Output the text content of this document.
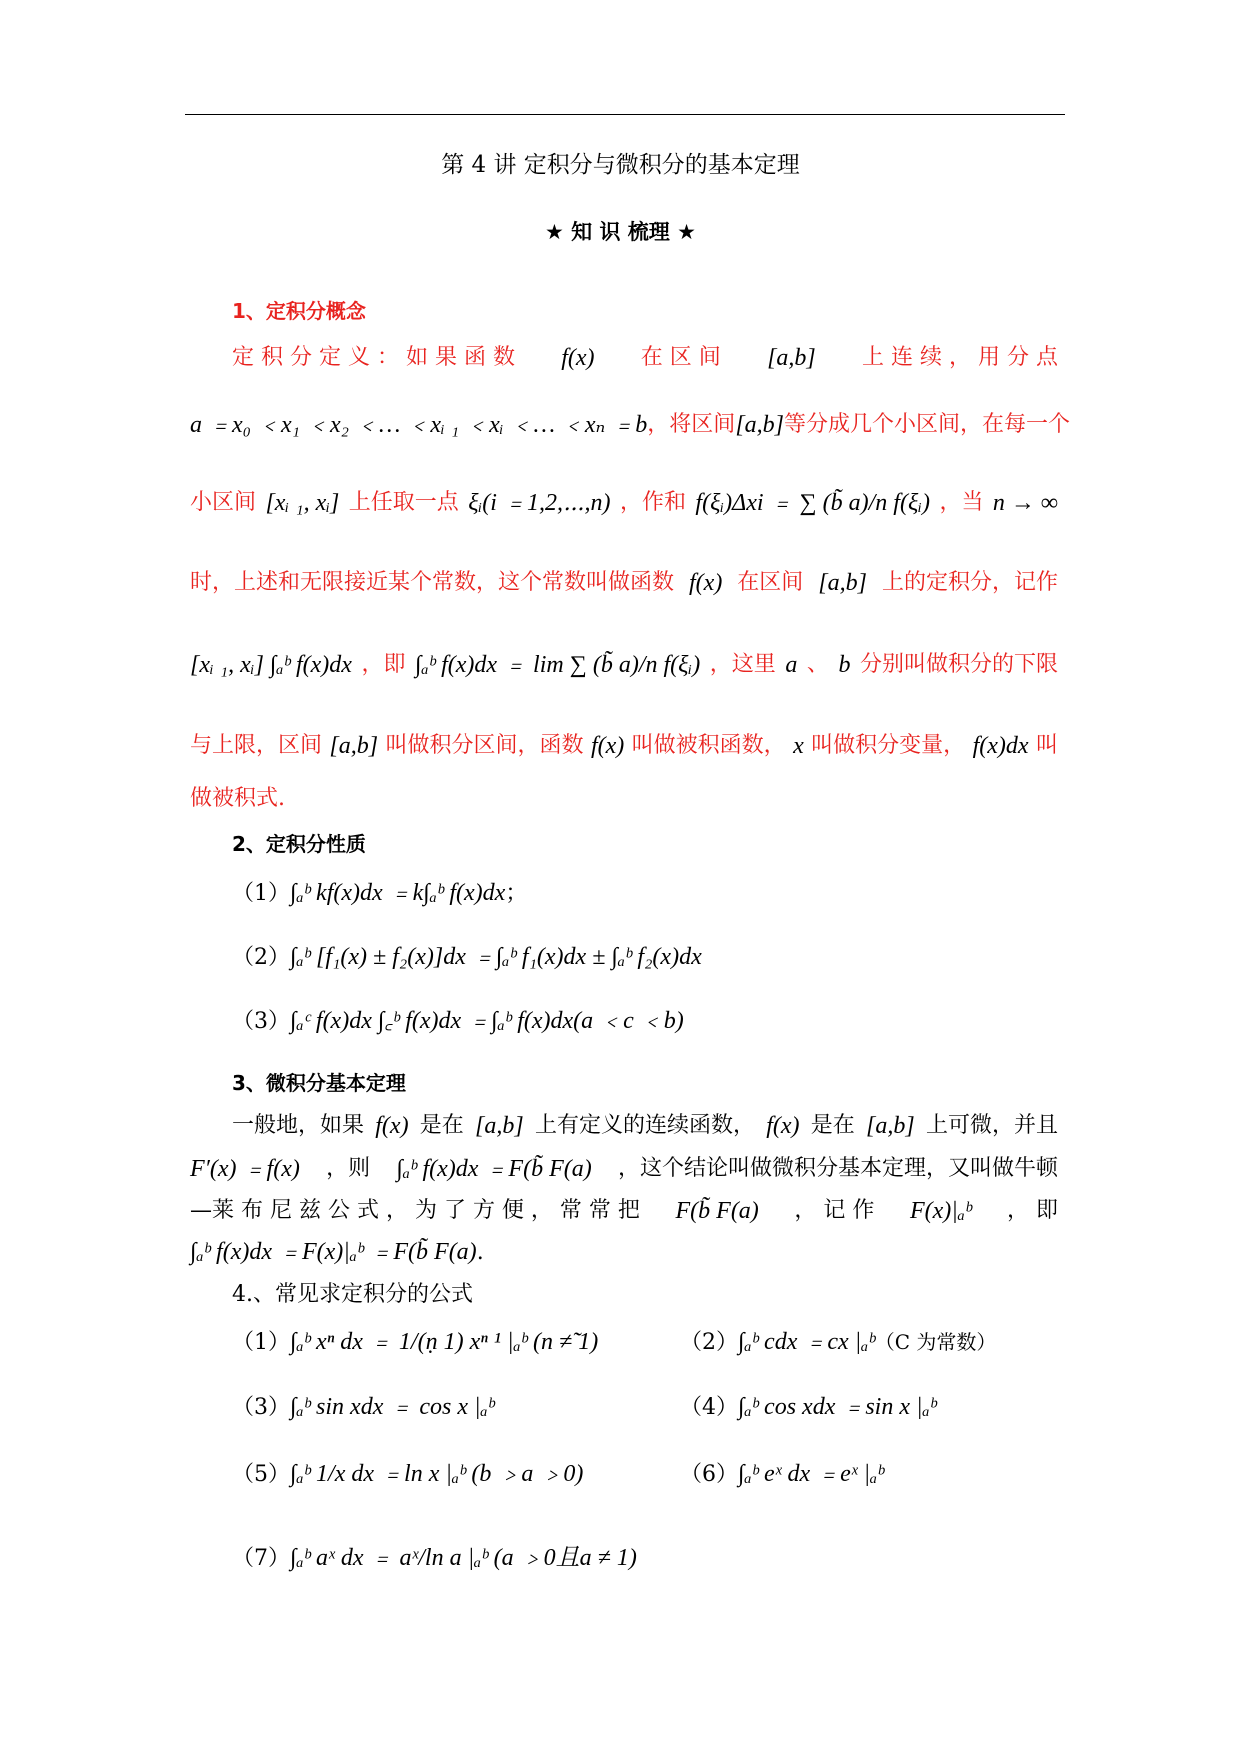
第 4 讲 定积分与微积分的基本定理
★ 知 识 梳理 ★
1、定积分概念
定 积 分 定 义 ： 如 果 函 数 f(x) 在 区 间 [a,b] 上 连 续 ， 用 分 点
a ﹦x₀ ﹤x₁ ﹤x₂ ﹤… ﹤xᵢ ₁ ﹤xᵢ ﹤… ﹤xₙ ﹦b ，将区间 [a,b] 等分成几个小区间，在每一个
小区间 [xᵢ ₁, xᵢ] 上任取一点 ξᵢ(i ﹦1,2,⋯,n) ，作和 f(ξᵢ)Δxi ﹦ ∑ (b̃ a)/n f(ξᵢ) ，当 n → ∞
时，上述和无限接近某个常数，这个常数叫做函数 f(x) 在区间 [a,b] 上的定积分，记作
[xᵢ ₁, xᵢ] ∫ₐᵇ f(x)dx ，即 ∫ₐᵇ f(x)dx ﹦ lim ∑ (b̃ a)/n f(ξᵢ) ，这里 a 、 b 分别叫做积分的下限
与上限，区间 [a,b] 叫做积分区间，函数 f(x) 叫做被积函数， x 叫做积分变量， f(x)dx 叫
做被积式.
2、定积分性质
（1）∫ₐᵇ kf(x)dx ﹦k∫ₐᵇ f(x)dx；
（2）∫ₐᵇ [f₁(x) ± f₂(x)]dx ﹦∫ₐᵇ f₁(x)dx ± ∫ₐᵇ f₂(x)dx
（3）∫ₐᶜ f(x)dx ∫꜀ᵇ f(x)dx ﹦∫ₐᵇ f(x)dx(a ﹤c ﹤b)
3、微积分基本定理
一般地，如果 f(x) 是在 [a,b] 上有定义的连续函数， f(x) 是在 [a,b] 上可微，并且
F′(x) ﹦f(x) ，则 ∫ₐᵇ f(x)dx ﹦F(b̃ F(a) ，这个结论叫做微积分基本定理，又叫做牛顿
—莱 布 尼 兹 公 式 ， 为 了 方 便 ， 常 常 把 F(b̃ F(a) ， 记 作 F(x)|ₐᵇ ， 即
∫ₐᵇ f(x)dx ﹦F(x)|ₐᵇ ﹦F(b̃ F(a).
4.、常见求定积分的公式
（1）∫ₐᵇ xⁿ dx ﹦ 1/(ṇ 1) xⁿ ¹ |ₐᵇ (n ≠̃ 1)	（2）∫ₐᵇ cdx ﹦cx |ₐᵇ（C 为常数）
（3）∫ₐᵇ sin xdx ﹦ cos x |ₐᵇ	（4）∫ₐᵇ cos xdx ﹦sin x |ₐᵇ
（5）∫ₐᵇ 1/x dx ﹦ln x |ₐᵇ (b ﹥a ﹥0)	（6）∫ₐᵇ eˣ dx ﹦eˣ |ₐᵇ
（7）∫ₐᵇ aˣ dx ﹦ aˣ/ln a |ₐᵇ (a ﹥0且a ≠ 1)
